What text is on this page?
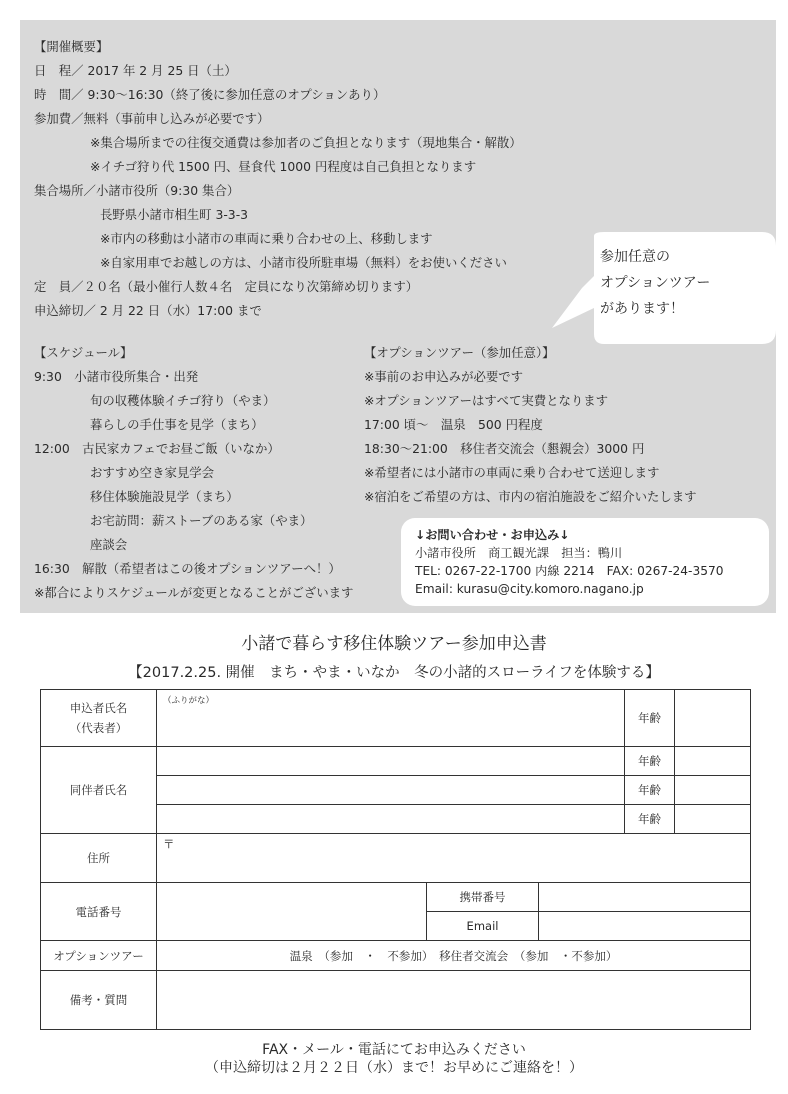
【開催概要】
日　程／ 2017 年 2 月 25 日（土）
時　間／ 9:30〜16:30（終了後に参加任意のオプションあり）
参加費／無料（事前申し込みが必要です）
※集合場所までの往復交通費は参加者のご負担となります（現地集合・解散）
※イチゴ狩り代 1500 円、昼食代 1000 円程度は自己負担となります
集合場所／小諸市役所（9:30 集合）
長野県小諸市相生町 3-3-3
※市内の移動は小諸市の車両に乗り合わせの上、移動します
※自家用車でお越しの方は、小諸市役所駐車場（無料）をお使いください
定　員／２０名（最小催行人数４名　定員になり次第締め切ります）
申込締切／ 2 月 22 日（水）17:00 まで
参加任意の
オプションツアー
があります！
【スケジュール】
9:30　小諸市役所集合・出発
旬の収穫体験イチゴ狩り（やま）
暮らしの手仕事を見学（まち）
12:00　古民家カフェでお昼ご飯（いなか）
おすすめ空き家見学会
移住体験施設見学（まち）
お宅訪問：薪ストーブのある家（やま）
座談会
16:30　解散（希望者はこの後オプションツアーへ！）
※都合によりスケジュールが変更となることがございます
【オプションツアー（参加任意）】
※事前のお申込みが必要です
※オプションツアーはすべて実費となります
17:00 頃〜　温泉　500 円程度
18:30〜21:00　移住者交流会（懇親会）3000 円
※希望者には小諸市の車両に乗り合わせて送迎します
※宿泊をご希望の方は、市内の宿泊施設をご紹介いたします
↓お問い合わせ・お申込み↓
小諸市役所　商工観光課　担当：鴨川
TEL: 0267-22-1700 内線 2214　FAX: 0267-24-3570
Email: kurasu@city.komoro.nagano.jp
小諸で暮らす移住体験ツアー参加申込書
【2017.2.25. 開催　まち・やま・いなか　冬の小諸的スローライフを体験する】
申込者氏名
（代表者）	（ふりがな）			年齢	
同伴者氏名				年齢	
				年齢	
				年齢	
住所	〒				
電話番号		携帯番号			
		Email			
オプションツアー	温泉　（参加　・　不参加）　移住者交流会　（参加　・不参加）				
備考・質問					
FAX・メール・電話にてお申込みください
（申込締切は２月２２日（水）まで！お早めにご連絡を！）
